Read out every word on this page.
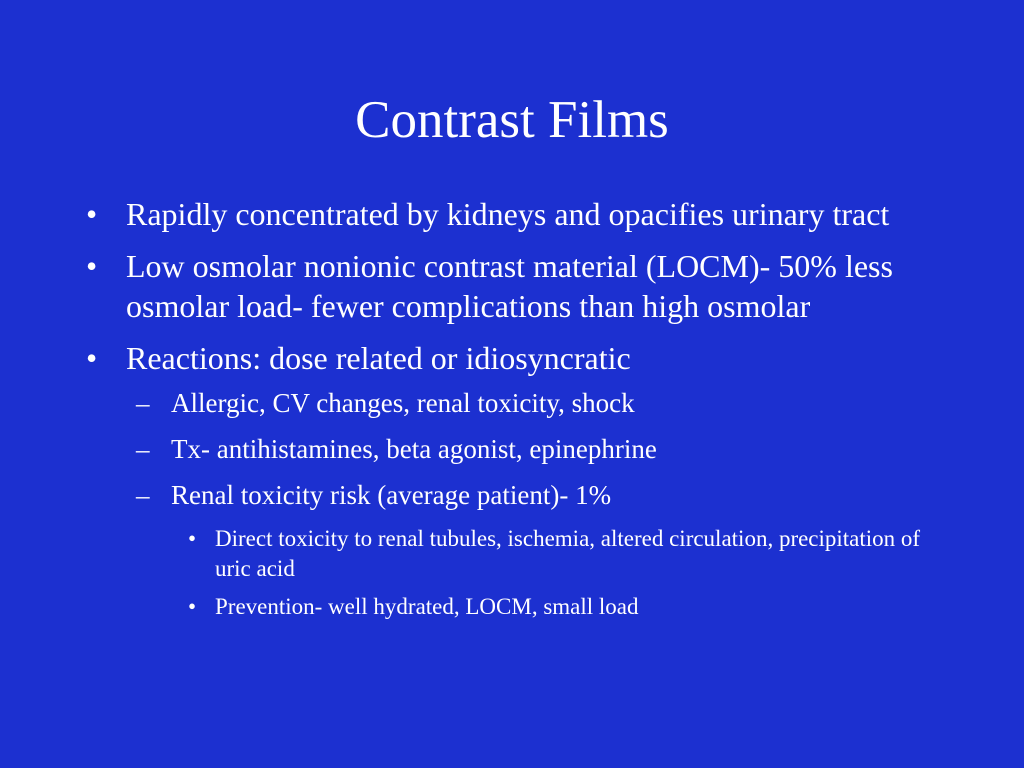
Contrast Films
• Rapidly concentrated by kidneys and opacifies urinary tract
• Low osmolar nonionic contrast material (LOCM)- 50% less osmolar load- fewer complications than high osmolar
• Reactions: dose related or idiosyncratic
– Allergic, CV changes, renal toxicity, shock
– Tx- antihistamines, beta agonist, epinephrine
– Renal toxicity risk (average patient)- 1%
• Direct toxicity to renal tubules, ischemia, altered circulation, precipitation of uric acid
• Prevention- well hydrated, LOCM, small load
